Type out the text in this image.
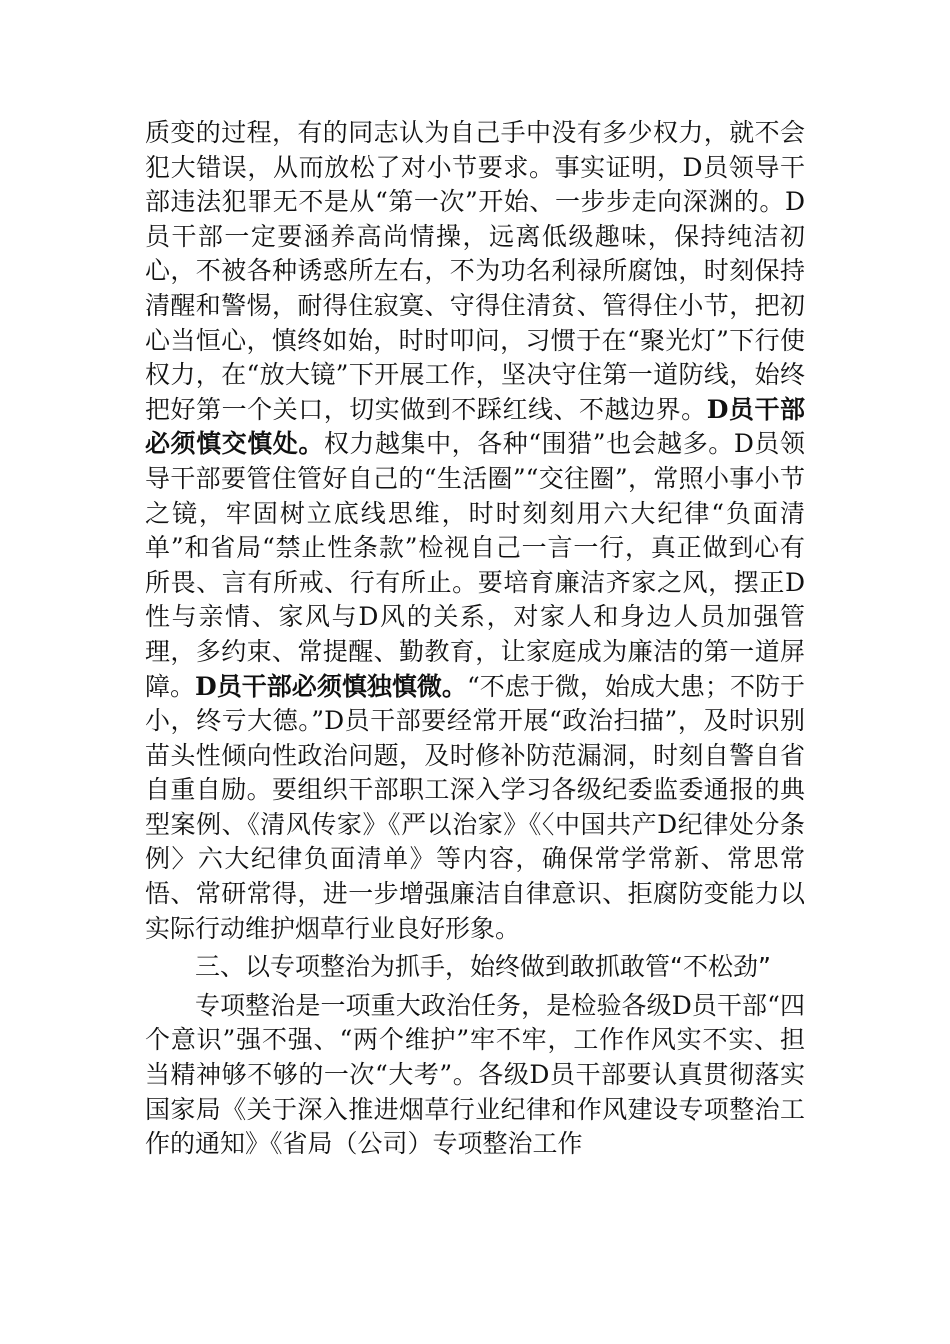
质变的过程，有的同志认为自己手中没有多少权力，就不会犯大错误，从而放松了对小节要求。事实证明，D员领导干部违法犯罪无不是从“第一次”开始、一步步走向深渊的。D员干部一定要涵养高尚情操，远离低级趣味，保持纯洁初心，不被各种诱惑所左右，不为功名利禄所腐蚀，时刻保持清醒和警惕，耐得住寂寞、守得住清贫、管得住小节，把初心当恒心，慎终如始，时时叩问，习惯于在“聚光灯”下行使权力，在“放大镜”下开展工作，坚决守住第一道防线，始终把好第一个关口，切实做到不踩红线、不越边界。D员干部必须慎交慎处。权力越集中，各种“围猎”也会越多。D员领导干部要管住管好自己的“生活圈”“交往圈”，常照小事小节之镜，牢固树立底线思维，时时刻刻用六大纪律“负面清单”和省局“禁止性条款”检视自己一言一行，真正做到心有所畏、言有所戒、行有所止。要培育廉洁齐家之风，摆正D性与亲情、家风与D风的关系，对家人和身边人员加强管理，多约束、常提醒、勤教育，让家庭成为廉洁的第一道屏障。D员干部必须慎独慎微。“不虑于微，始成大患；不防于小，终亏大德。”D员干部要经常开展“政治扫描”，及时识别苗头性倾向性政治问题，及时修补防范漏洞，时刻自警自省自重自励。要组织干部职工深入学习各级纪委监委通报的典型案例、《清风传家》《严以治家》《〈中国共产D纪律处分条例〉六大纪律负面清单》等内容，确保常学常新、常思常悟、常研常得，进一步增强廉洁自律意识、拒腐防变能力以实际行动维护烟草行业良好形象。

三、以专项整治为抓手，始终做到敢抓敢管“不松劲”

专项整治是一项重大政治任务，是检验各级D员干部“四个意识”强不强、“两个维护”牢不牢，工作作风实不实、担当精神够不够的一次“大考”。各级D员干部要认真贯彻落实国家局《关于深入推进烟草行业纪律和作风建设专项整治工作的通知》《省局（公司）专项整治工作
